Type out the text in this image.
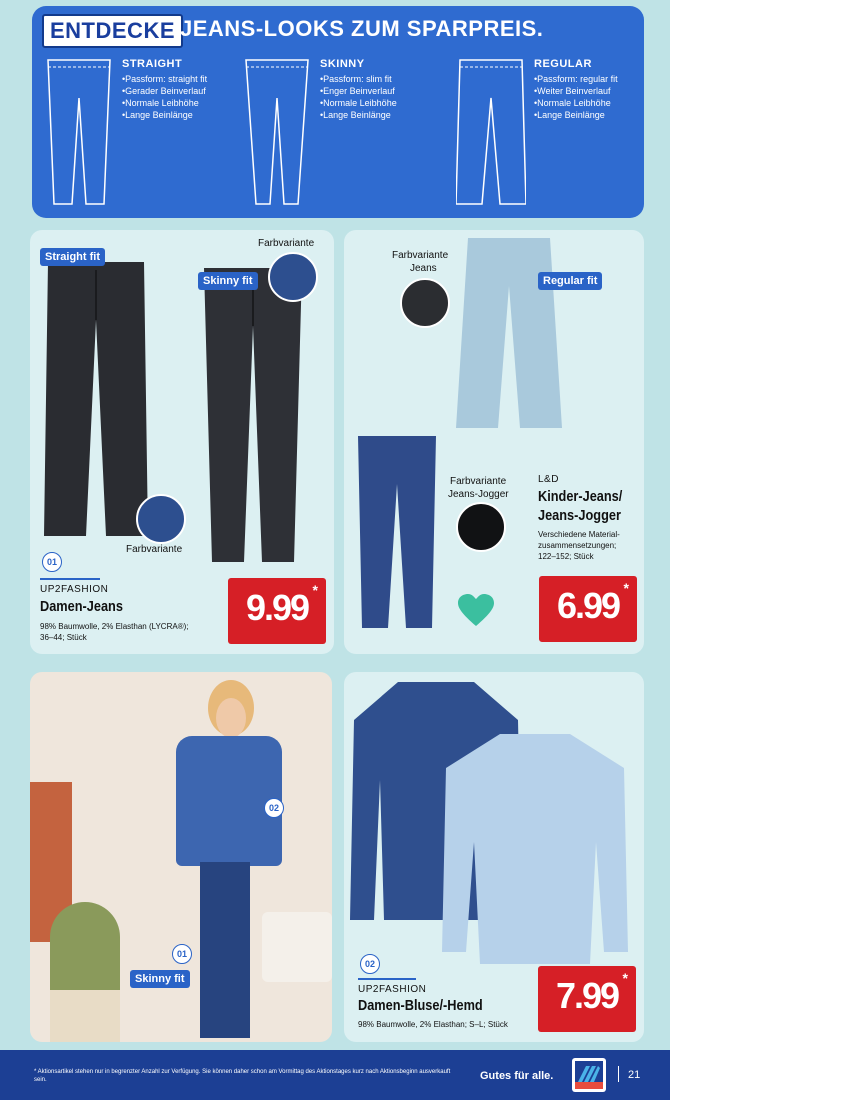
ENTDECKE JEANS-LOOKS ZUM SPARPREIS.
STRAIGHT
• Passform: straight fit
• Gerader Beinverlauf
• Normale Leibhöhe
• Lange Beinlänge
SKINNY
• Passform: slim fit
• Enger Beinverlauf
• Normale Leibhöhe
• Lange Beinlänge
REGULAR
• Passform: regular fit
• Weiter Beinverlauf
• Normale Leibhöhe
• Lange Beinlänge
Straight fit
Skinny fit
Farbvariante
Farbvariante
01
UP2FASHION
Damen-Jeans
98% Baumwolle, 2% Elasthan (LYCRA®);
36–44; Stück
9.99 *
Farbvariante
Jeans
Regular fit
Farbvariante
Jeans-Jogger
L&D
Kinder-Jeans/
Jeans-Jogger
Verschiedene Material-
zusammensetzungen;
122–152; Stück
6.99 *
02
01
Skinny fit
02
UP2FASHION
Damen-Bluse/-Hemd
98% Baumwolle, 2% Elasthan; S–L; Stück
7.99 *
* Aktionsartikel stehen nur in begrenzter Anzahl zur Verfügung. Sie können daher schon am Vormittag des Aktionstages kurz nach Aktionsbeginn ausverkauft sein.	Gutes für alle.	21
